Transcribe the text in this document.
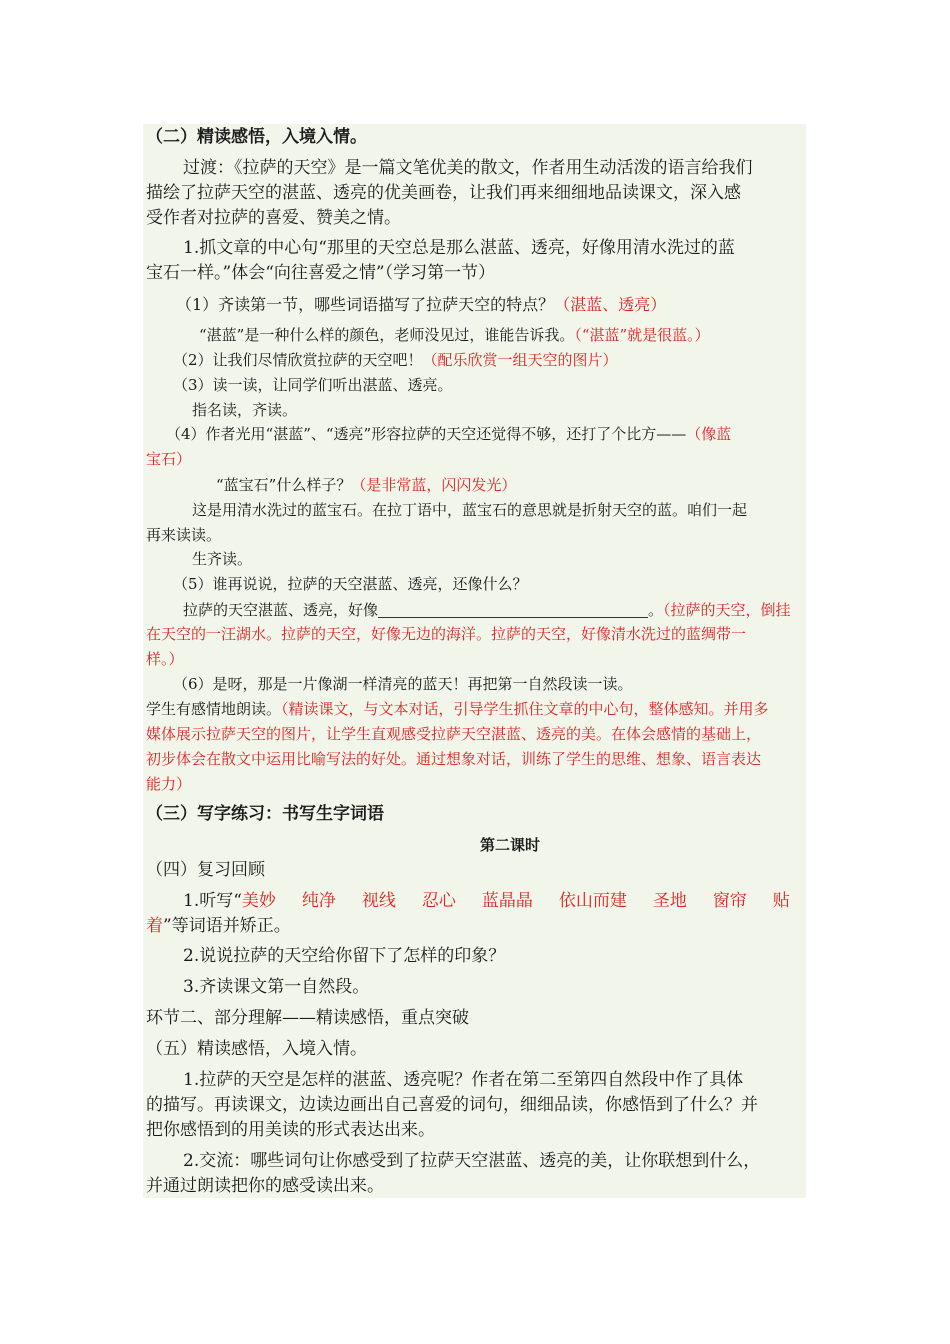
（二）精读感悟，入境入情。
过渡：《拉萨的天空》是一篇文笔优美的散文，作者用生动活泼的语言给我们
描绘了拉萨天空的湛蓝、透亮的优美画卷，让我们再来细细地品读课文，深入感
受作者对拉萨的喜爱、赞美之情。
1.抓文章的中心句“那里的天空总是那么湛蓝、透亮，好像用清水洗过的蓝
宝石一样。”体会“向往喜爱之情”（学习第一节）
（1）齐读第一节，哪些词语描写了拉萨天空的特点？（湛蓝、透亮）
“湛蓝”是一种什么样的颜色，老师没见过，谁能告诉我。（“湛蓝”就是很蓝。）
（2）让我们尽情欣赏拉萨的天空吧！（配乐欣赏一组天空的图片）
（3）读一读，让同学们听出湛蓝、透亮。
指名读，齐读。
（4）作者光用“湛蓝”、“透亮”形容拉萨的天空还觉得不够，还打了个比方——（像蓝
宝石）
“蓝宝石”什么样子？（是非常蓝，闪闪发光）
这是用清水洗过的蓝宝石。在拉丁语中，蓝宝石的意思就是折射天空的蓝。咱们一起
再来读读。
生齐读。
（5）谁再说说，拉萨的天空湛蓝、透亮，还像什么？
拉萨的天空湛蓝、透亮，好像	。（拉萨的天空，倒挂
在天空的一汪湖水。拉萨的天空，好像无边的海洋。拉萨的天空，好像清水洗过的蓝绸带一
样。）
（6）是呀，那是一片像湖一样清亮的蓝天！再把第一自然段读一读。
学生有感情地朗读。（精读课文，与文本对话，引导学生抓住文章的中心句，整体感知。并用多
媒体展示拉萨天空的图片，让学生直观感受拉萨天空湛蓝、透亮的美。在体会感情的基础上，
初步体会在散文中运用比喻写法的好处。通过想象对话，训练了学生的思维、想象、语言表达
能力）
（三）写字练习：书写生字词语
第二课时
（四）复习回顾
1.听写“美妙 纯净 视线 忍心 蓝晶晶 依山而建 圣地 窗帘 贴
着”等词语并矫正。
2.说说拉萨的天空给你留下了怎样的印象？
3.齐读课文第一自然段。
环节二、部分理解——精读感悟，重点突破
（五）精读感悟，入境入情。
1.拉萨的天空是怎样的湛蓝、透亮呢？作者在第二至第四自然段中作了具体
的描写。再读课文，边读边画出自己喜爱的词句，细细品读，你感悟到了什么？并
把你感悟到的用美读的形式表达出来。
2.交流：哪些词句让你感受到了拉萨天空湛蓝、透亮的美，让你联想到什么，
并通过朗读把你的感受读出来。
